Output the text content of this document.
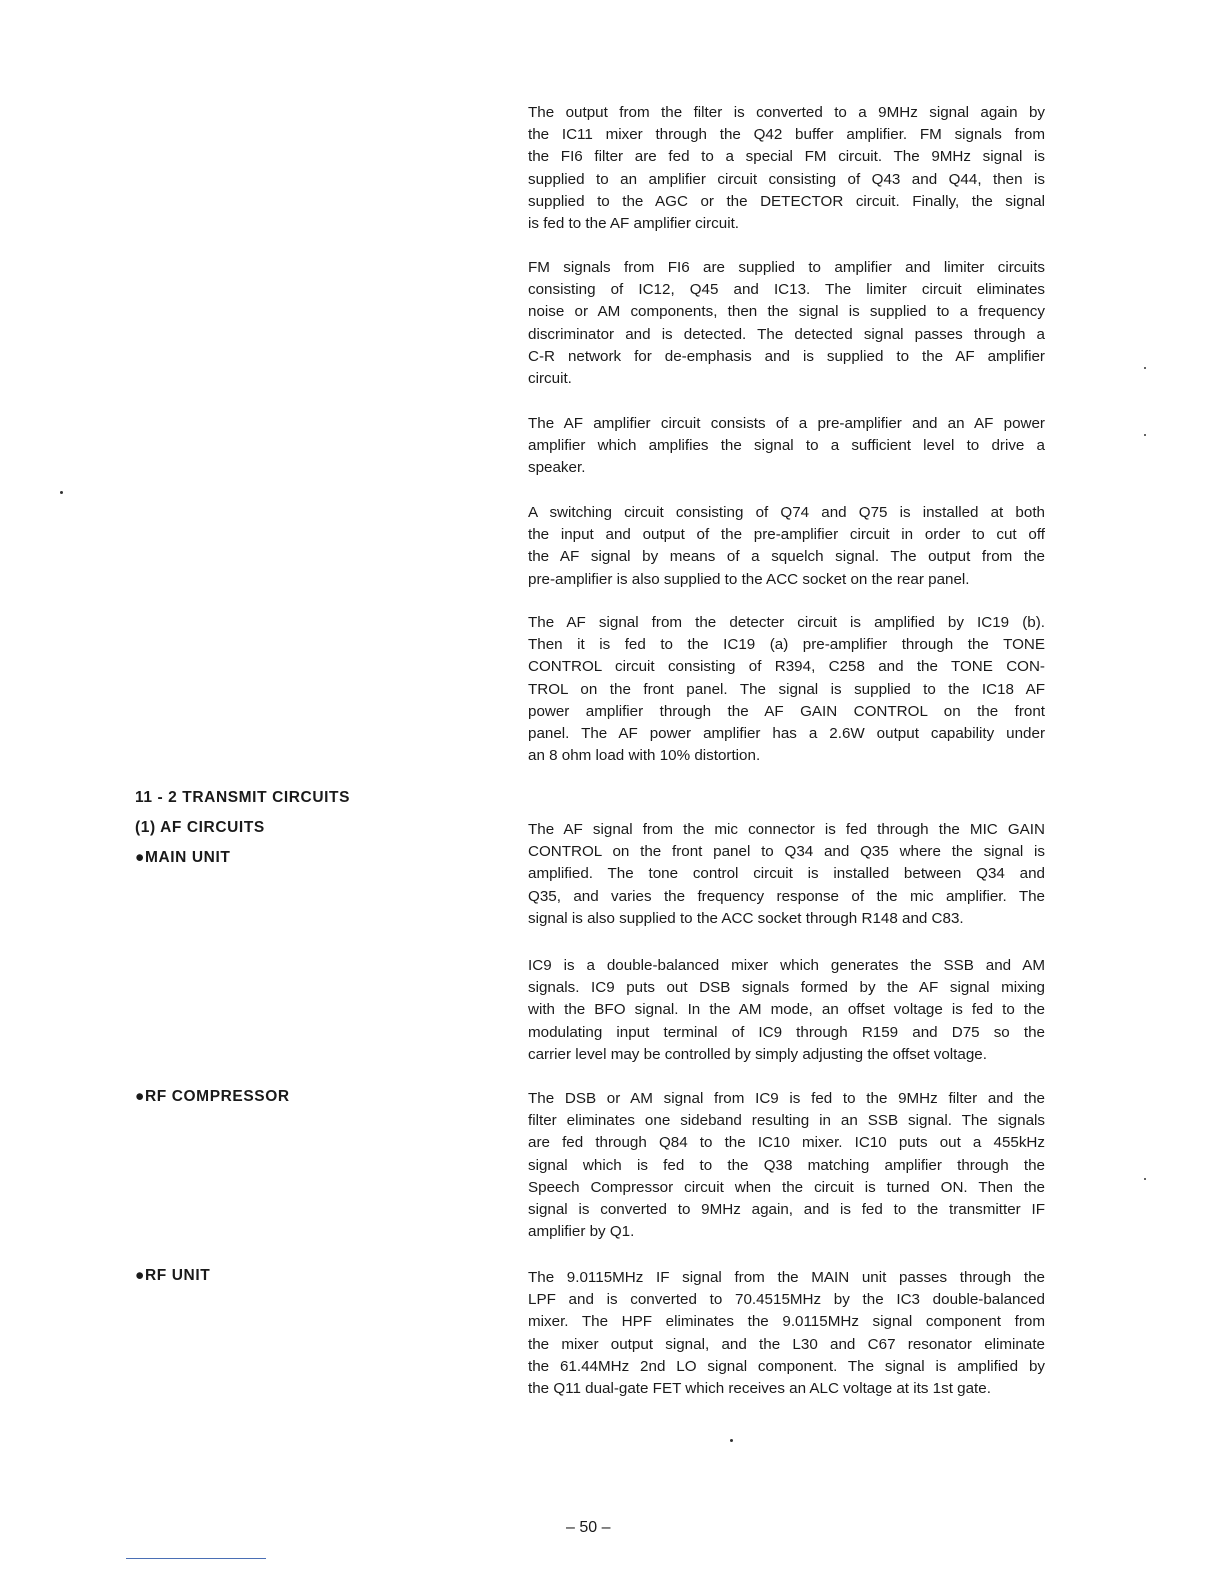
11 - 2 TRANSMIT CIRCUITS
(1) AF CIRCUITS
●MAIN UNIT
●RF COMPRESSOR
●RF UNIT
The output from the filter is converted to a 9MHz signal again by
the IC11 mixer through the Q42 buffer amplifier. FM signals from
the FI6 filter are fed to a special FM circuit. The 9MHz signal is
supplied to an amplifier circuit consisting of Q43 and Q44, then is
supplied to the AGC or the DETECTOR circuit. Finally, the signal
is fed to the AF amplifier circuit.
FM signals from FI6 are supplied to amplifier and limiter circuits
consisting of IC12, Q45 and IC13. The limiter circuit eliminates
noise or AM components, then the signal is supplied to a frequency
discriminator and is detected. The detected signal passes through a
C-R network for de-emphasis and is supplied to the AF amplifier
circuit.
The AF amplifier circuit consists of a pre-amplifier and an AF power
amplifier which amplifies the signal to a sufficient level to drive a
speaker.
A switching circuit consisting of Q74 and Q75 is installed at both
the input and output of the pre-amplifier circuit in order to cut off
the AF signal by means of a squelch signal. The output from the
pre-amplifier is also supplied to the ACC socket on the rear panel.
The AF signal from the detecter circuit is amplified by IC19 (b).
Then it is fed to the IC19 (a) pre-amplifier through the TONE
CONTROL circuit consisting of R394, C258 and the TONE CON-
TROL on the front panel. The signal is supplied to the IC18 AF
power amplifier through the AF GAIN CONTROL on the front
panel. The AF power amplifier has a 2.6W output capability under
an 8 ohm load with 10% distortion.
The AF signal from the mic connector is fed through the MIC GAIN
CONTROL on the front panel to Q34 and Q35 where the signal is
amplified. The tone control circuit is installed between Q34 and
Q35, and varies the frequency response of the mic amplifier. The
signal is also supplied to the ACC socket through R148 and C83.
IC9 is a double-balanced mixer which generates the SSB and AM
signals. IC9 puts out DSB signals formed by the AF signal mixing
with the BFO signal. In the AM mode, an offset voltage is fed to the
modulating input terminal of IC9 through R159 and D75 so the
carrier level may be controlled by simply adjusting the offset voltage.
The DSB or AM signal from IC9 is fed to the 9MHz filter and the
filter eliminates one sideband resulting in an SSB signal. The signals
are fed through Q84 to the IC10 mixer. IC10 puts out a 455kHz
signal which is fed to the Q38 matching amplifier through the
Speech Compressor circuit when the circuit is turned ON. Then the
signal is converted to 9MHz again, and is fed to the transmitter IF
amplifier by Q1.
The 9.0115MHz IF signal from the MAIN unit passes through the
LPF and is converted to 70.4515MHz by the IC3 double-balanced
mixer. The HPF eliminates the 9.0115MHz signal component from
the mixer output signal, and the L30 and C67 resonator eliminate
the 61.44MHz 2nd LO signal component. The signal is amplified by
the Q11 dual-gate FET which receives an ALC voltage at its 1st gate.
– 50 –
